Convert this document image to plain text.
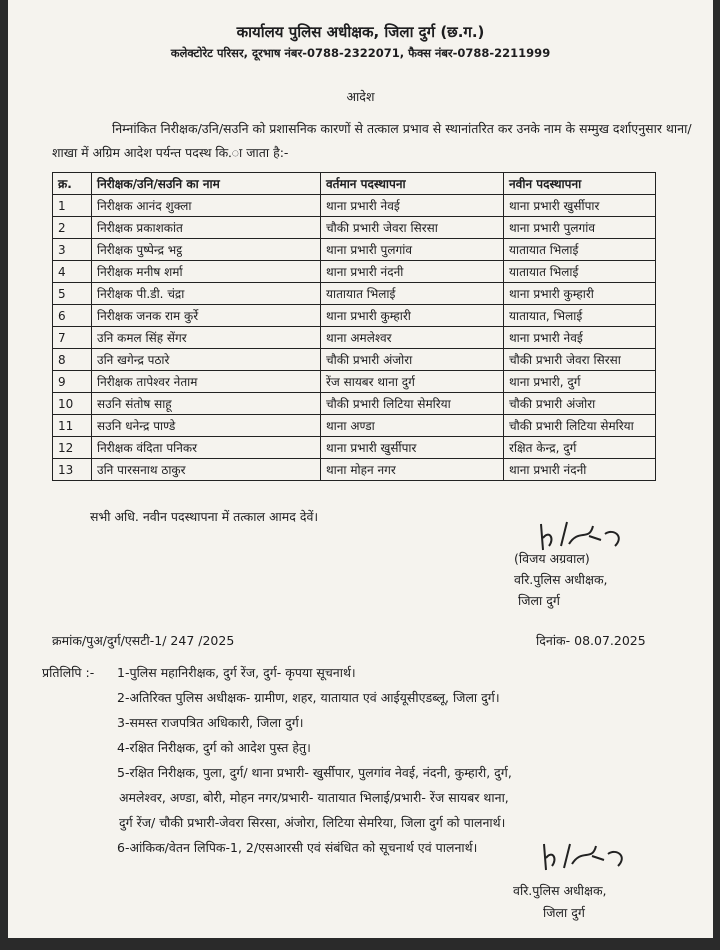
कार्यालय पुलिस अधीक्षक, जिला दुर्ग (छ.ग.)
कलेक्टोरेट परिसर, दूरभाष नंबर-0788-2322071, फैक्स नंबर-0788-2211999
आदेश
निम्नांकित निरीक्षक/उनि/सउनि को प्रशासनिक कारणों से तत्काल प्रभाव से स्थानांतरित कर उनके नाम के सम्मुख दर्शाएनुसार थाना/शाखा में अग्रिम आदेश पर्यन्त पदस्थ कि.ा जाता है:-
क्र.	निरीक्षक/उनि/सउनि का नाम	वर्तमान पदस्थापना	नवीन पदस्थापना
1	निरीक्षक आनंद शुक्ला	थाना प्रभारी नेवई	थाना प्रभारी खुर्सीपार
2	निरीक्षक प्रकाशकांत	चौकी प्रभारी जेवरा सिरसा	थाना प्रभारी पुलगांव
3	निरीक्षक पुष्पेन्द्र भट्ठ	थाना प्रभारी पुलगांव	यातायात भिलाई
4	निरीक्षक मनीष शर्मा	थाना प्रभारी नंदनी	यातायात भिलाई
5	निरीक्षक पी.डी. चंद्रा	यातायात भिलाई	थाना प्रभारी कुम्हारी
6	निरीक्षक जनक राम कुर्रे	थाना प्रभारी कुम्हारी	यातायात, भिलाई
7	उनि कमल सिंह सेंगर	थाना अमलेश्वर	थाना प्रभारी नेवई
8	उनि खगेन्द्र पठारे	चौकी प्रभारी अंजोरा	चौकी प्रभारी जेवरा सिरसा
9	निरीक्षक तापेश्वर नेताम	रेंज सायबर थाना दुर्ग	थाना प्रभारी, दुर्ग
10	सउनि संतोष साहू	चौकी प्रभारी लिटिया सेमरिया	चौकी प्रभारी अंजोरा
11	सउनि धनेन्द्र पाण्डे	थाना अण्डा	चौकी प्रभारी लिटिया सेमरिया
12	निरीक्षक वंदिता पनिकर	थाना प्रभारी खुर्सीपार	रक्षित केन्द्र, दुर्ग
13	उनि पारसनाथ ठाकुर	थाना मोहन नगर	थाना प्रभारी नंदनी
सभी अधि. नवीन पदस्थापना में तत्काल आमद देवें।
(विजय अग्रवाल)
वरि.पुलिस अधीक्षक,
जिला दुर्ग
क्रमांक/पुअ/दुर्ग/एसटी-1/ 247 /2025	दिनांक- 08.07.2025
प्रतिलिपि :- 1-पुलिस महानिरीक्षक, दुर्ग रेंज, दुर्ग- कृपया सूचनार्थ।
2-अतिरिक्त पुलिस अधीक्षक- ग्रामीण, शहर, यातायात एवं आईयूसीएडब्लू, जिला दुर्ग।
3-समस्त राजपत्रित अधिकारी, जिला दुर्ग।
4-रक्षित निरीक्षक, दुर्ग को आदेश पुस्त हेतु।
5-रक्षित निरीक्षक, पुला, दुर्ग/ थाना प्रभारी- खुर्सीपार, पुलगांव नेवई, नंदनी, कुम्हारी, दुर्ग,
अमलेश्वर, अण्डा, बोरी, मोहन नगर/प्रभारी- यातायात भिलाई/प्रभारी- रेंज सायबर थाना,
दुर्ग रेंज/ चौकी प्रभारी-जेवरा सिरसा, अंजोरा, लिटिया सेमरिया, जिला दुर्ग को पालनार्थ।
6-आंकिक/वेतन लिपिक-1, 2/एसआरसी एवं संबंधित को सूचनार्थ एवं पालनार्थ।
वरि.पुलिस अधीक्षक,
जिला दुर्ग
